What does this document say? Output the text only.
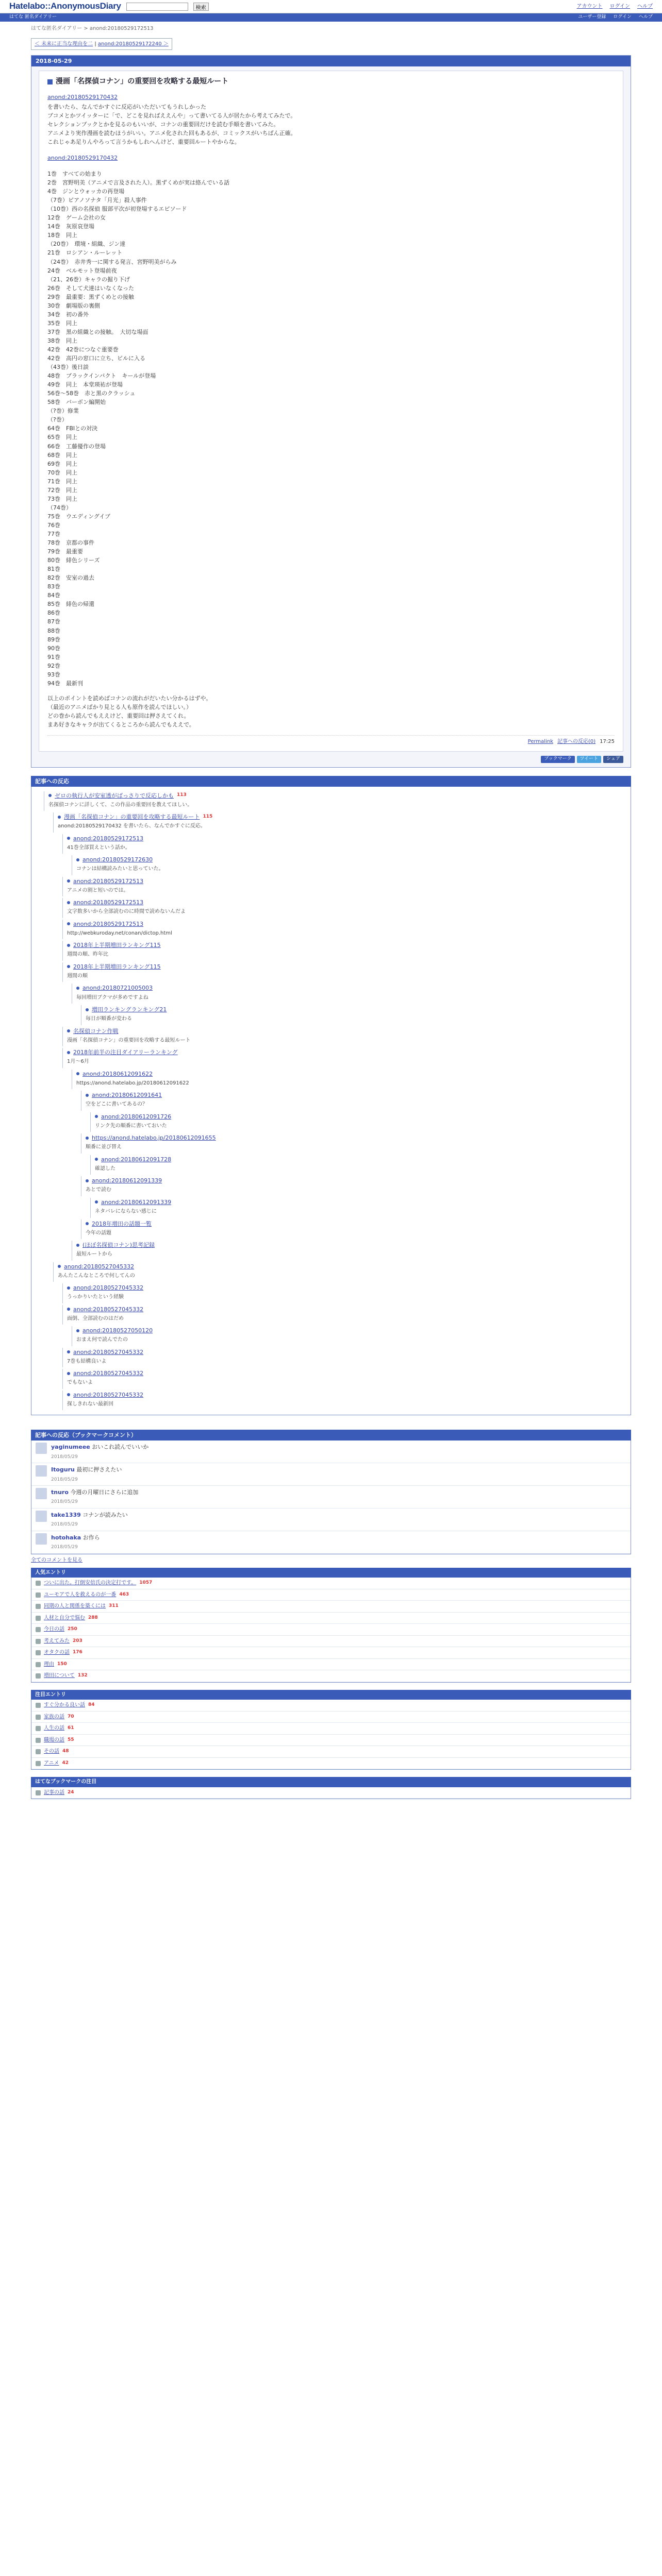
Hatelabo::AnonymousDiary	検索	アカウント ログイン ヘルプ
はてな 匿名ダイアリー	ユーザー登録 ログイン ヘルプ
はてな匿名ダイアリー > anond:20180529172513
＜ 未来に正当な理由を二 | anond:20180529172240 ＞
2018-05-29
漫画「名探偵コナン」の重要回を攻略する最短ルート
anond:20180529170432

を書いたら、なんでかすぐに反応がいただいてもうれしかった

ブコメとかツイッターに「で、どこを見ればええんや」って書いてる人が居たから考えてみたで。

セレクションブックとかを見るのもいいが、コナンの重要回だけを読む手順を書いてみた。

アニメより実作漫画を読むほうがいい。アニメ化された回もあるが、コミックスがいちばん正確。

これじゃあ足りんやろって言うかもしれへんけど、重要回ルートやからな。

anond:20180529170432

1巻　すべての始まり

2巻　宮野明美（アニメで言及された人）。黒ずくめが実は絡んでいる話

4巻　ジンとウォッカの再登場

（7巻）ピアノソナタ「月光」殺人事件

（10巻）西の名探偵 服部平次が初登場するエピソード

12巻　ゲーム会社の女

14巻　灰原哀登場

18巻　同上

（20巻）　環境・組織、ジン達

21巻　ロシアン・ルーレット

（24巻）　赤井秀一に関する発言、宮野明美がらみ

24巻　ベルモット登場前夜

（21、26巻）キャラの掘り下げ

26巻　そして犬達はいなくなった

29巻　最重要：黒ずくめとの接触

30巻　劇場版の裏側

34巻　初の番外

35巻　同上

37巻　黒の組織との接触。　大切な場面

38巻　同上

42巻　42巻につなぐ重要巻

42巻　高円の窓口に立ち、ビルに入る

（43巻）後日談

48巻　ブラックインパクト　キールが登場

49巻　同上　本堂瑛祐が登場

56巻〜58巻　赤と黒のクラッシュ

58巻　バーボン編開始

（?巻）修業

（?巻）

64巻　FBIとの対決

65巻　同上

66巻　工藤優作の登場

68巻　同上

69巻　同上

70巻　同上

71巻　同上

72巻　同上

73巻　同上

（74巻）

75巻　ウエディングイブ

76巻　

77巻　

78巻　京都の事件

79巻　最重要

80巻　緋色シリーズ

81巻　

82巻　安室の過去

83巻　

84巻　

85巻　緋色の帰還

86巻　

87巻　

88巻　

89巻　

90巻　

91巻　

92巻　

93巻　

94巻　最新刊

以上のポイントを読めばコナンの流れがだいたい分かるはずや。

（最近のアニメばかり見とる人も原作を読んでほしい。）

どの巻から読んでもええけど、重要回は押さえてくれ。

まあ好きなキャラが出てくるところから読んでもええで。

Permalink 記事への反応(0) 17:25
ブックマーク	ツイート	シェア
記事への反応
ゼロの執行人が安室透がばっさりで反応しかも 113
名探偵コナンに詳しくて、この作品の重要回を教えてほしい。
漫画「名探偵コナン」の重要回を攻略する最短ルート 115
anond:20180529170432 を書いたら、なんでかすぐに反応。
anond:20180529172513
41巻全部買えという話か。
anond:20180529172630
コナンは結構読みたいと思っていた。
anond:20180529172513
アニメの割と短いのでは。
anond:20180529172513
文字数多いから全部読むのに時間で読めないんだよ
anond:20180529172513
http://webkuroday.net/conan/dictop.html
2018年上半期増田ランキング115
週間の順、昨年比
2018年上半期増田ランキング115
週間の順
anond:20180721005003
毎回増田ブクマが多めですよね
増田ランキングランキング21
毎日が順番が変わる
名探偵コナン作戦
漫画「名探偵コナン」の重要回を攻略する最短ルート
2018年前半の注目ダイアリーランキング
1月〜6月
anond:20180612091622
https://anond.hatelabo.jp/20180612091622
anond:20180612091641
空をどこに書いてあるの？
anond:20180612091726
リンク先の順番に書いておいた
https://anond.hatelabo.jp/20180612091655
順番に並び替え
anond:20180612091728
確認した
anond:20180612091339
あとで読む
anond:20180612091339
ネタバレにならない感じに
2018年増田の話題一覧
今年の話題
(ほぼ名探偵コナン)思考記録
最短ルートから
anond:20180527045332
あんたこんなところで何してんの
anond:20180527045332
うっかりいたという経験
anond:20180527045332
面倒、全部読むのはだめ
anond:20180527050120
おまえ何で読んでたの
anond:20180527045332
7巻も結構良いよ
anond:20180527045332
でもないよ
anond:20180527045332
探しきれない最新回
記事への反応（ブックマークコメント）
yaginumeee おいこれ読んでいいか
2018/05/29
Itoguru 最初に押さえたい
2018/05/29
tnuro 今週の月曜日にさらに追加
2018/05/29
take1339 コナンが読みたい
2018/05/29
hotohaka お作ら
2018/05/29
全てのコメントを見る
人気エントリ
ついに出た。打倒安倍氏の決定打です。 1057
ユーモアで人を救えるのが一番 463
同期の人と関係を築くには 311
人材と自分で悩む 288
今日の話 250
考えてみた 203
オタクの話 176
理由 150
増田について 132
注目エントリ
すぐ分かる良い話 84
家族の話 70
人生の話 61
職場の話 55
その話 48
アニメ 42
はてなブックマークの注目
記事の話 24
